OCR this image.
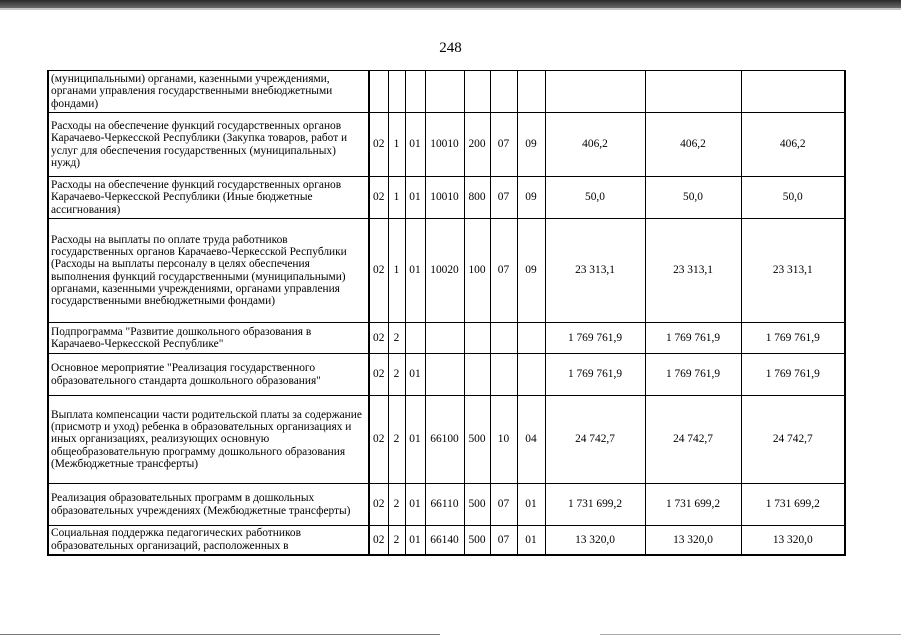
248
(муниципальными) органами, казенными учреждениями, органами управления государственными внебюджетными фондами)										
Расходы на обеспечение функций государственных органов Карачаево-Черкесской Республики (Закупка товаров, работ и услуг для обеспечения государственных (муниципальных) нужд)	02	1	01	10010	200	07	09	406,2	406,2	406,2
Расходы на обеспечение функций государственных органов Карачаево-Черкесской Республики (Иные бюджетные ассигнования)	02	1	01	10010	800	07	09	50,0	50,0	50,0
Расходы на выплаты по оплате труда работников государственных органов Карачаево-Черкесской Республики (Расходы на выплаты персоналу в целях обеспечения выполнения функций государственными (муниципальными) органами, казенными учреждениями, органами управления государственными внебюджетными фондами)	02	1	01	10020	100	07	09	23 313,1	23 313,1	23 313,1
Подпрограмма "Развитие дошкольного образования в Карачаево-Черкесской Республике"	02	2						1 769 761,9	1 769 761,9	1 769 761,9
Основное мероприятие "Реализация государственного образовательного стандарта дошкольного образования"	02	2	01					1 769 761,9	1 769 761,9	1 769 761,9
Выплата компенсации части родительской платы за содержание (присмотр и уход) ребенка в образовательных организациях и иных организациях, реализующих основную общеобразовательную программу дошкольного образования (Межбюджетные трансферты)	02	2	01	66100	500	10	04	24 742,7	24 742,7	24 742,7
Реализация образовательных программ в дошкольных образовательных учреждениях (Межбюджетные трансферты)	02	2	01	66110	500	07	01	1 731 699,2	1 731 699,2	1 731 699,2
Социальная поддержка педагогических работников образовательных организаций, расположенных в	02	2	01	66140	500	07	01	13 320,0	13 320,0	13 320,0
